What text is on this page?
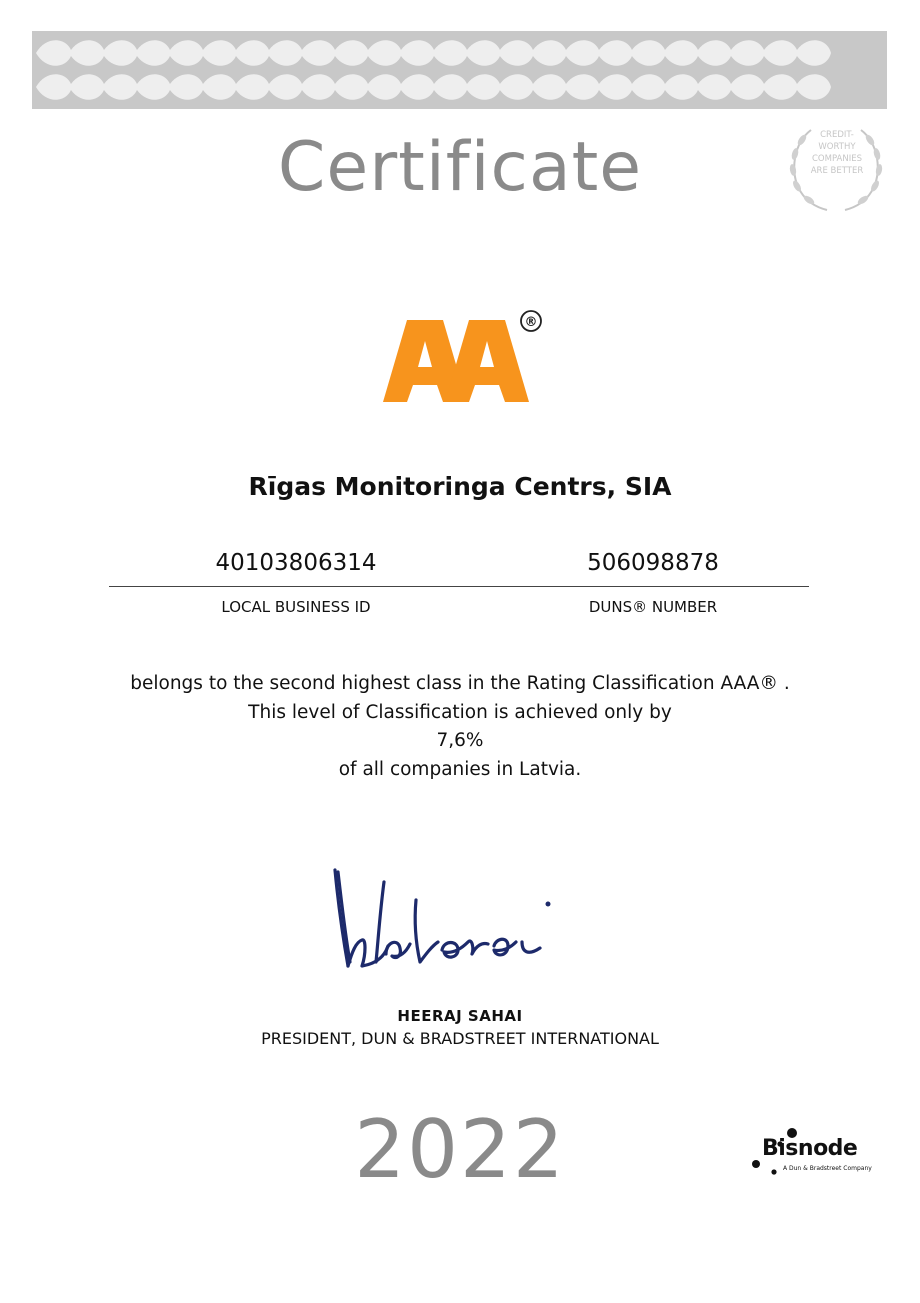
Certificate	CREDIT-
WORTHY
COMPANIES
ARE BETTER
®
Rīgas Monitoringa Centrs, SIA
40103806314	506098878
LOCAL BUSINESS ID	DUNS® NUMBER
belongs to the second highest class in the Rating Classification AAA® .
This level of Classification is achieved only by
7,6%
of all companies in Latvia.
HEERAJ SAHAI
PRESIDENT, DUN & BRADSTREET INTERNATIONAL
2022	Bisnode
A Dun & Bradstreet Company
